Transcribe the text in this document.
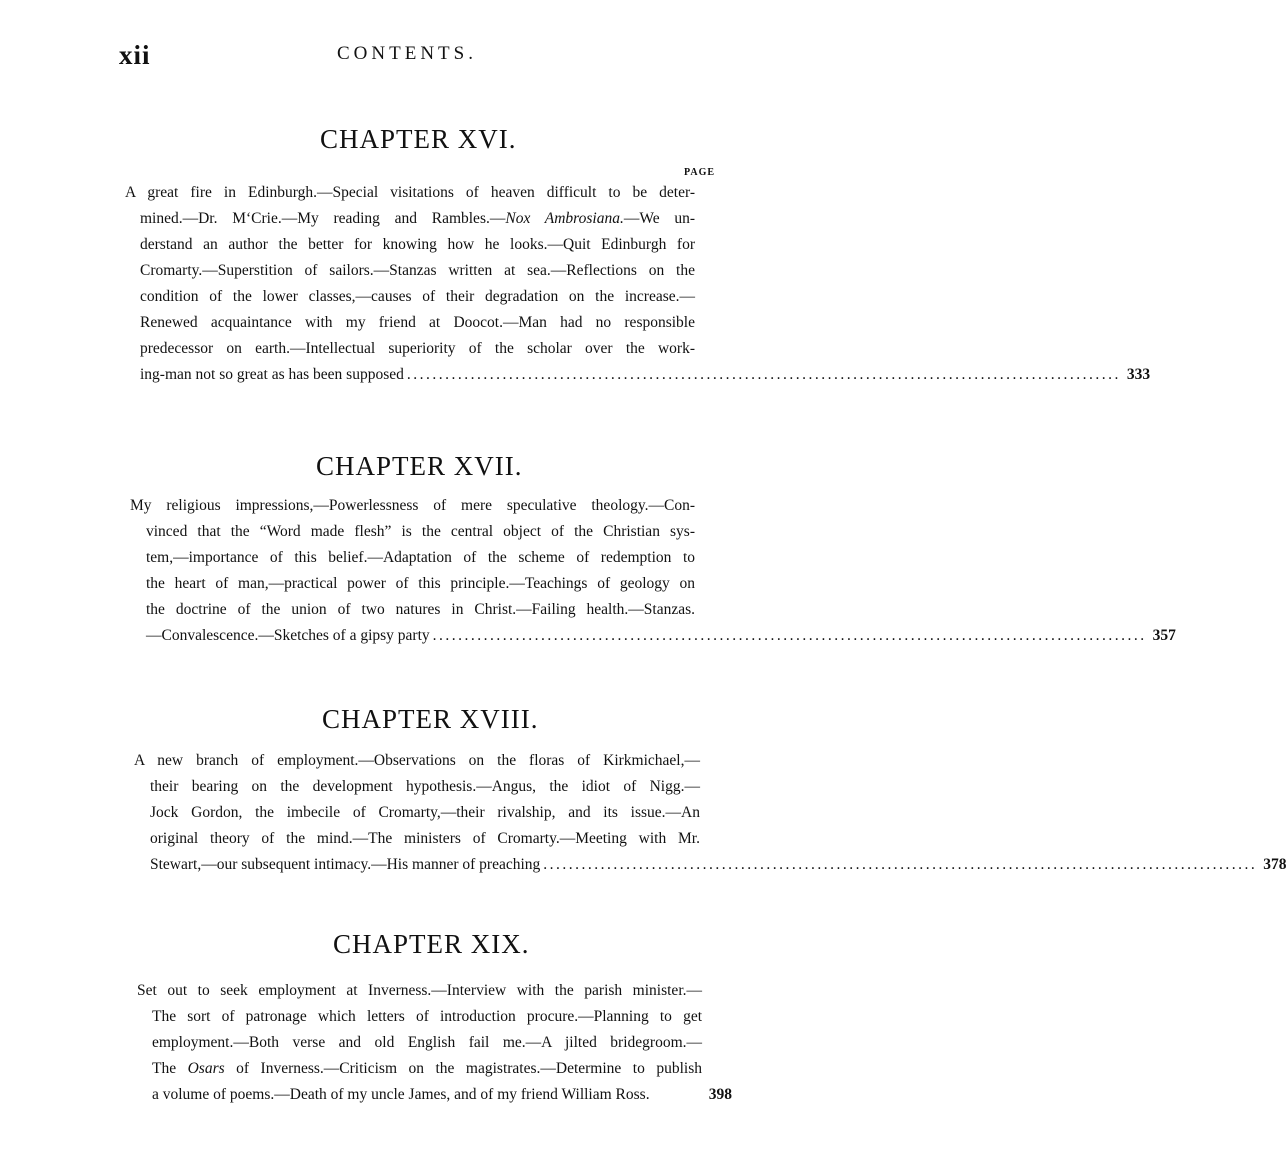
xii	CONTENTS.
CHAPTER XVI.
PAGE
A great fire in Edinburgh.—Special visitations of heaven difficult to be deter-
mined.—Dr. M‘Crie.—My reading and Rambles.—Nox Ambrosiana.—We un-
derstand an author the better for knowing how he looks.—Quit Edinburgh for
Cromarty.—Superstition of sailors.—Stanzas written at sea.—Reflections on the
condition of the lower classes,—causes of their degradation on the increase.—
Renewed acquaintance with my friend at Doocot.—Man had no responsible
predecessor on earth.—Intellectual superiority of the scholar over the work-
ing-man not so great as has been supposed ................................................................................................................ 333
CHAPTER XVII.
My religious impressions,—Powerlessness of mere speculative theology.—Con-
vinced that the “Word made flesh” is the central object of the Christian sys-
tem,—importance of this belief.—Adaptation of the scheme of redemption to
the heart of man,—practical power of this principle.—Teachings of geology on
the doctrine of the union of two natures in Christ.—Failing health.—Stanzas.
—Convalescence.—Sketches of a gipsy party ................................................................................................................ 357
CHAPTER XVIII.
A new branch of employment.—Observations on the floras of Kirkmichael,—
their bearing on the development hypothesis.—Angus, the idiot of Nigg.—
Jock Gordon, the imbecile of Cromarty,—their rivalship, and its issue.—An
original theory of the mind.—The ministers of Cromarty.—Meeting with Mr.
Stewart,—our subsequent intimacy.—His manner of preaching ................................................................................................................ 378
CHAPTER XIX.
Set out to seek employment at Inverness.—Interview with the parish minister.—
The sort of patronage which letters of introduction procure.—Planning to get
employment.—Both verse and old English fail me.—A jilted bridegroom.—
The Osars of Inverness.—Criticism on the magistrates.—Determine to publish
a volume of poems.—Death of my uncle James, and of my friend William Ross.	398
